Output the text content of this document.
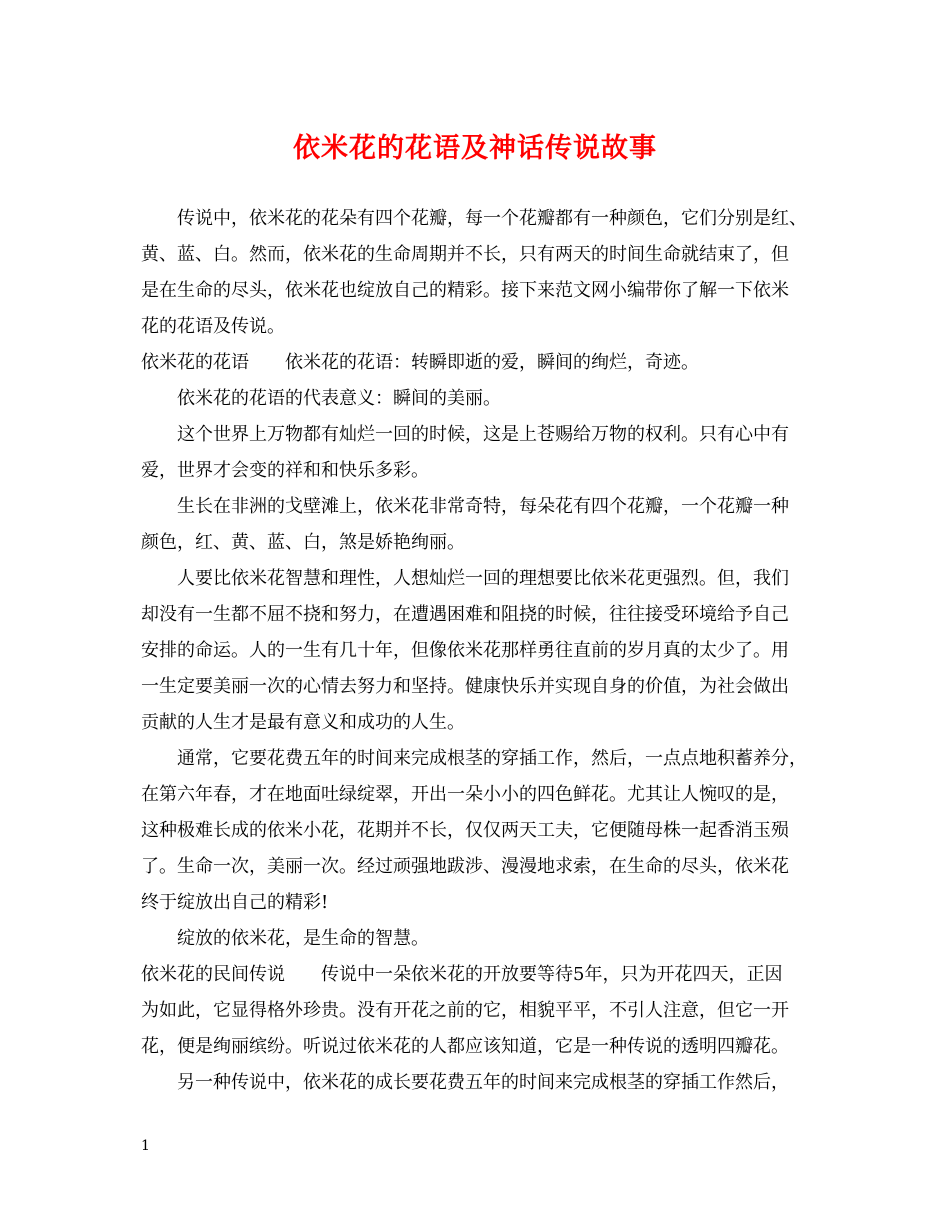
依米花的花语及神话传说故事
传说中，依米花的花朵有四个花瓣，每一个花瓣都有一种颜色，它们分别是红、
黄、蓝、白。然而，依米花的生命周期并不长，只有两天的时间生命就结束了，但
是在生命的尽头，依米花也绽放自己的精彩。接下来范文网小编带你了解一下依米
花的花语及传说。
依米花的花语 依米花的花语：转瞬即逝的爱，瞬间的绚烂，奇迹。
依米花的花语的代表意义：瞬间的美丽。
这个世界上万物都有灿烂一回的时候，这是上苍赐给万物的权利。只有心中有
爱，世界才会变的祥和和快乐多彩。
生长在非洲的戈壁滩上，依米花非常奇特，每朵花有四个花瓣，一个花瓣一种
颜色，红、黄、蓝、白，煞是娇艳绚丽。
人要比依米花智慧和理性，人想灿烂一回的理想要比依米花更强烈。但，我们
却没有一生都不屈不挠和努力，在遭遇困难和阻挠的时候，往往接受环境给予自己
安排的命运。人的一生有几十年，但像依米花那样勇往直前的岁月真的太少了。用
一生定要美丽一次的心情去努力和坚持。健康快乐并实现自身的价值，为社会做出
贡献的人生才是最有意义和成功的人生。
通常，它要花费五年的时间来完成根茎的穿插工作，然后，一点点地积蓄养分，
在第六年春，才在地面吐绿绽翠，开出一朵小小的四色鲜花。尤其让人惋叹的是，
这种极难长成的依米小花，花期并不长，仅仅两天工夫，它便随母株一起香消玉殒
了。生命一次，美丽一次。经过顽强地跋涉、漫漫地求索，在生命的尽头，依米花
终于绽放出自己的精彩!
绽放的依米花，是生命的智慧。
依米花的民间传说 传说中一朵依米花的开放要等待5年，只为开花四天，正因
为如此，它显得格外珍贵。没有开花之前的它，相貌平平，不引人注意，但它一开
花，便是绚丽缤纷。听说过依米花的人都应该知道，它是一种传说的透明四瓣花。
另一种传说中，依米花的成长要花费五年的时间来完成根茎的穿插工作然后，
1
